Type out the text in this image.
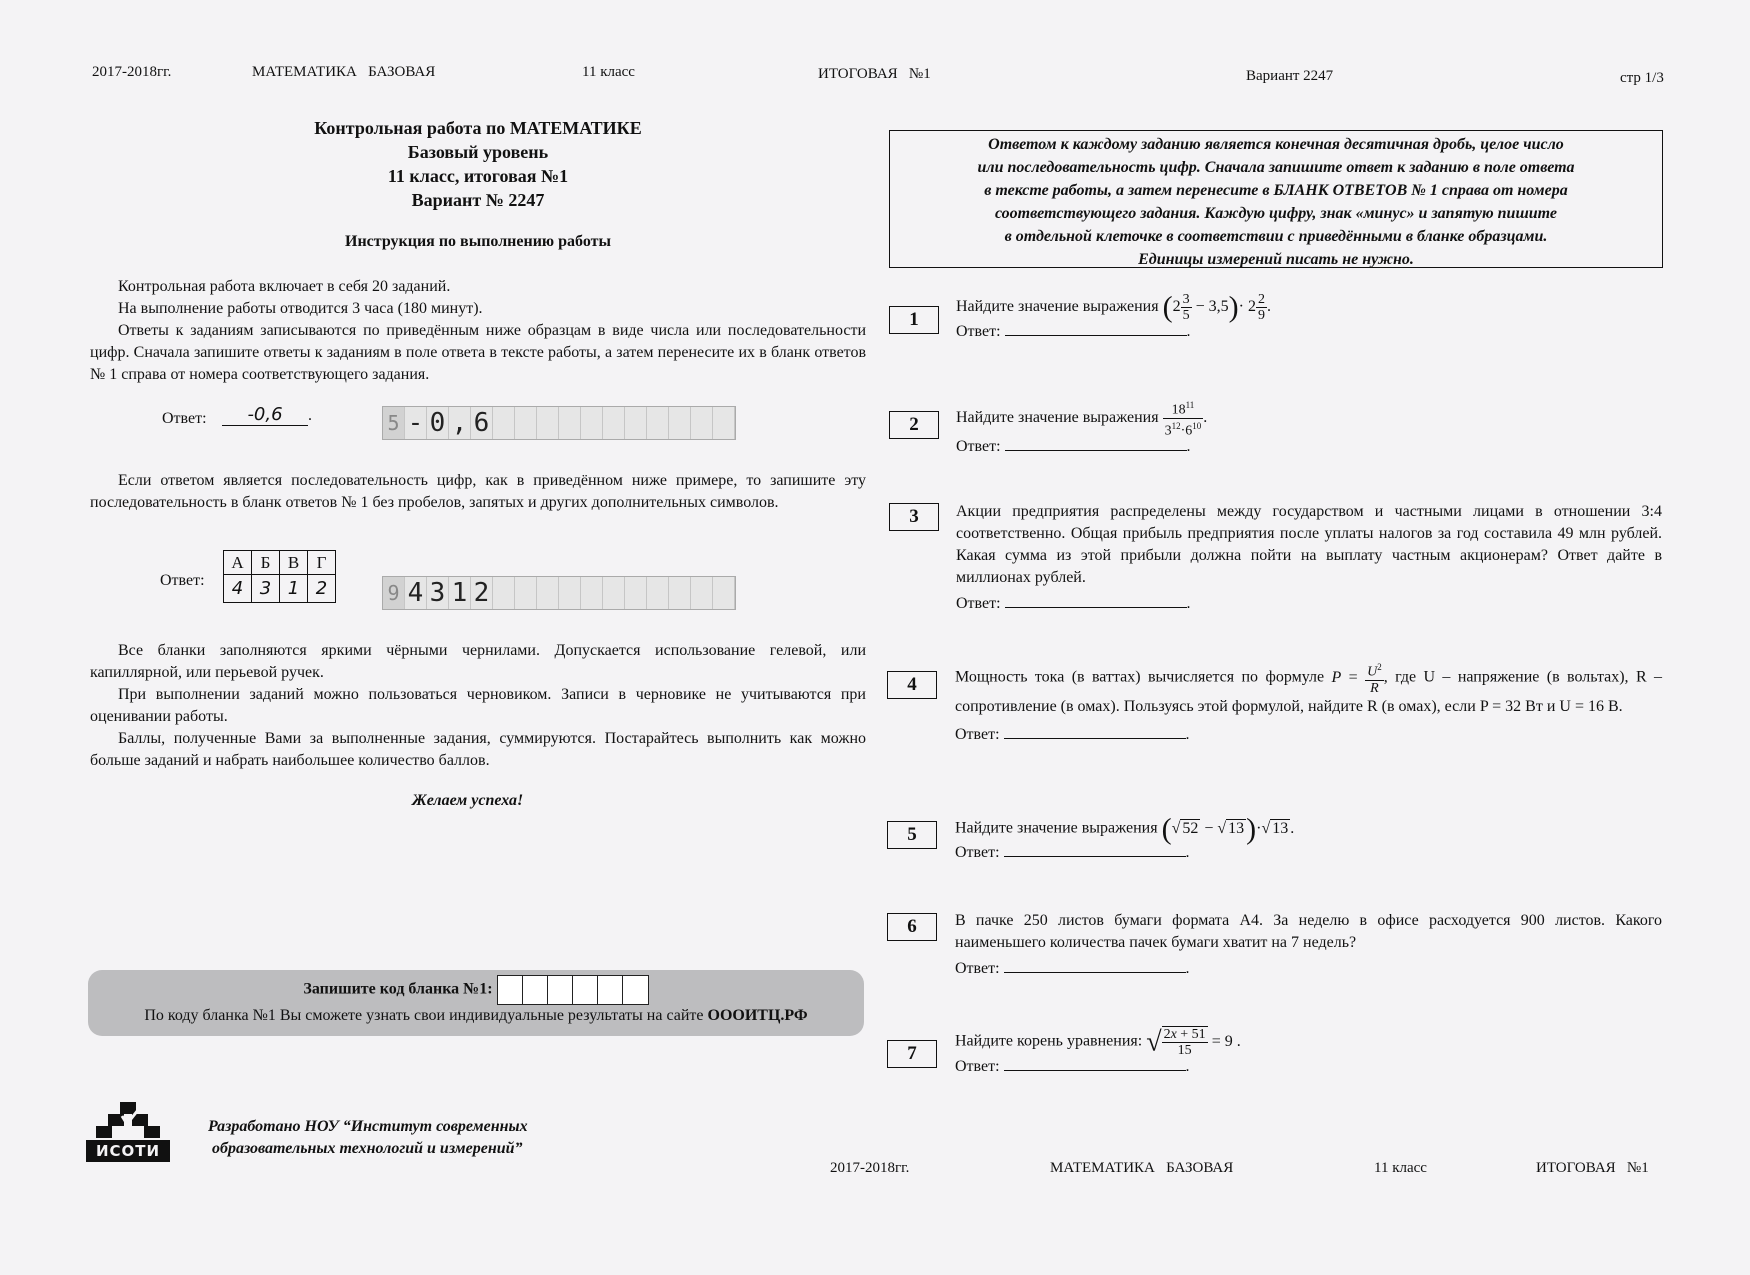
2017-2018гг.	МАТЕМАТИКА   БАЗОВАЯ	11 класс	ИТОГОВАЯ   №1	Вариант 2247	стр 1/3
Контрольная работа по МАТЕМАТИКЕ
Базовый уровень
11 класс, итоговая №1
Вариант № 2247
Инструкция по выполнению работы
Контрольная работа включает в себя 20 заданий.
На выполнение работы отводится 3 часа (180 минут).
Ответы к заданиям записываются по приведённым ниже образцам в виде числа или последовательности цифр. Сначала запишите ответы к заданиям в поле ответа в тексте работы, а затем перенесите их в бланк ответов № 1 справа от номера соответствующего задания.
Ответ:	-0,6 .	5 - 0 , 6
Если ответом является последовательность цифр, как в приведённом ниже примере, то запишите эту последовательность в бланк ответов № 1 без пробелов, запятых и других дополнительных символов.
Ответ:
А	Б	В	Г
4	3	1	2	9 4 3 1 2
Все бланки заполняются яркими чёрными чернилами. Допускается использование гелевой, или капиллярной, или перьевой ручек.
При выполнении заданий можно пользоваться черновиком. Записи в черновике не учитываются при оценивании работы.
Баллы, полученные Вами за выполненные задания, суммируются. Постарайтесь выполнить как можно больше заданий и набрать наибольшее количество баллов.
Желаем успеха!
Запишите код бланка №1:
По коду бланка №1 Вы сможете узнать свои индивидуальные результаты на сайте ОООИТЦ.РФ
ИСОТИ
Разработано НОУ “Институт современных
образовательных технологий и измерений”
Ответом к каждому заданию является конечная десятичная дробь, целое число
или последовательность цифр. Сначала запишите ответ к заданию в поле ответа
в тексте работы, а затем перенесите в БЛАНК ОТВЕТОВ № 1 справа от номера
соответствующего задания. Каждую цифру, знак «минус» и запятую пишите
в отдельной клеточке в соответствии с приведёнными в бланке образцами.
Единицы измерений писать не нужно.
1
Найдите значение выражения $(2 \frac{3}{5} - 3,5)\cdot 2 \frac{2}{9}$ .
Ответ:	.
2	Найдите значение выражения $\frac{18^{11}}{3^{12}\cdot 6^{10}}$ .
Ответ:	.
3	Акции предприятия распределены между государством и частными лицами в отношении 3:4 соответственно. Общая прибыль предприятия после уплаты налогов за год составила 49 млн рублей. Какая сумма из этой прибыли должна пойти на выплату частным акционерам? Ответ дайте в миллионах рублей.
Ответ:	.
4	Мощность тока (в ваттах) вычисляется по формуле $P = \frac{U^2}{R}$ , где U – напряжение (в вольтах), R – сопротивление (в омах). Пользуясь этой формулой, найдите R (в омах), если P = 32 Вт и U = 16 В.
Ответ:	.
5	Найдите значение выражения (√ 52 − √ 13)·√ 13 .
Ответ:	.
6	В пачке 250 листов бумаги формата А4. За неделю в офисе расходуется 900 листов. Какого наименьшего количества пачек бумаги хватит на 7 недель?
Ответ:	.
7
Найдите корень уравнения: √ $\frac{2x + 51}{15} = 9$ .
Ответ:	.
2017-2018гг.	МАТЕМАТИКА   БАЗОВАЯ	11 класс	ИТОГОВАЯ   №1
